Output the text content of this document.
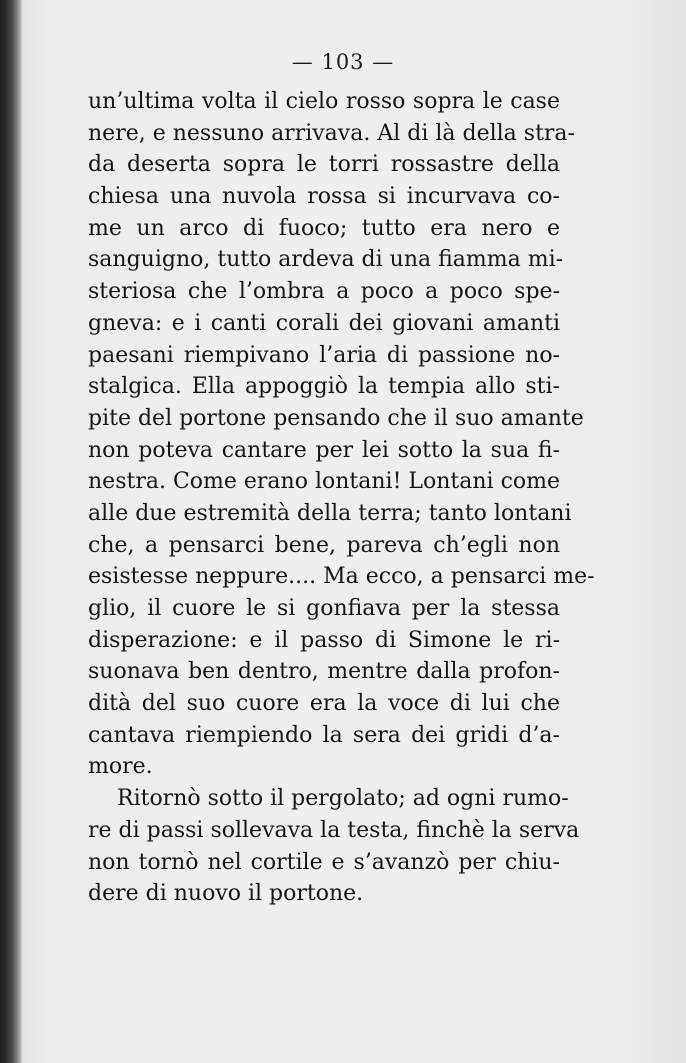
— 103 —
un’ultima volta il cielo rosso sopra le case
nere, e nessuno arrivava. Al di là della stra-
da deserta sopra le torri rossastre della
chiesa una nuvola rossa si incurvava co-
me un arco di fuoco; tutto era nero e
sanguigno, tutto ardeva di una fiamma mi-
steriosa che l’ombra a poco a poco spe-
gneva: e i canti corali dei giovani amanti
paesani riempivano l’aria di passione no-
stalgica. Ella appoggiò la tempia allo sti-
pite del portone pensando che il suo amante
non poteva cantare per lei sotto la sua fi-
nestra. Come erano lontani! Lontani come
alle due estremità della terra; tanto lontani
che, a pensarci bene, pareva ch’egli non
esistesse neppure.... Ma ecco, a pensarci me-
glio, il cuore le si gonfiava per la stessa
disperazione: e il passo di Simone le ri-
suonava ben dentro, mentre dalla profon-
dità del suo cuore era la voce di lui che
cantava riempiendo la sera dei gridi d’a-
more.
Ritornò sotto il pergolato; ad ogni rumo-
re di passi sollevava la testa, finchè la serva
non tornò nel cortile e s’avanzò per chiu-
dere di nuovo il portone.
